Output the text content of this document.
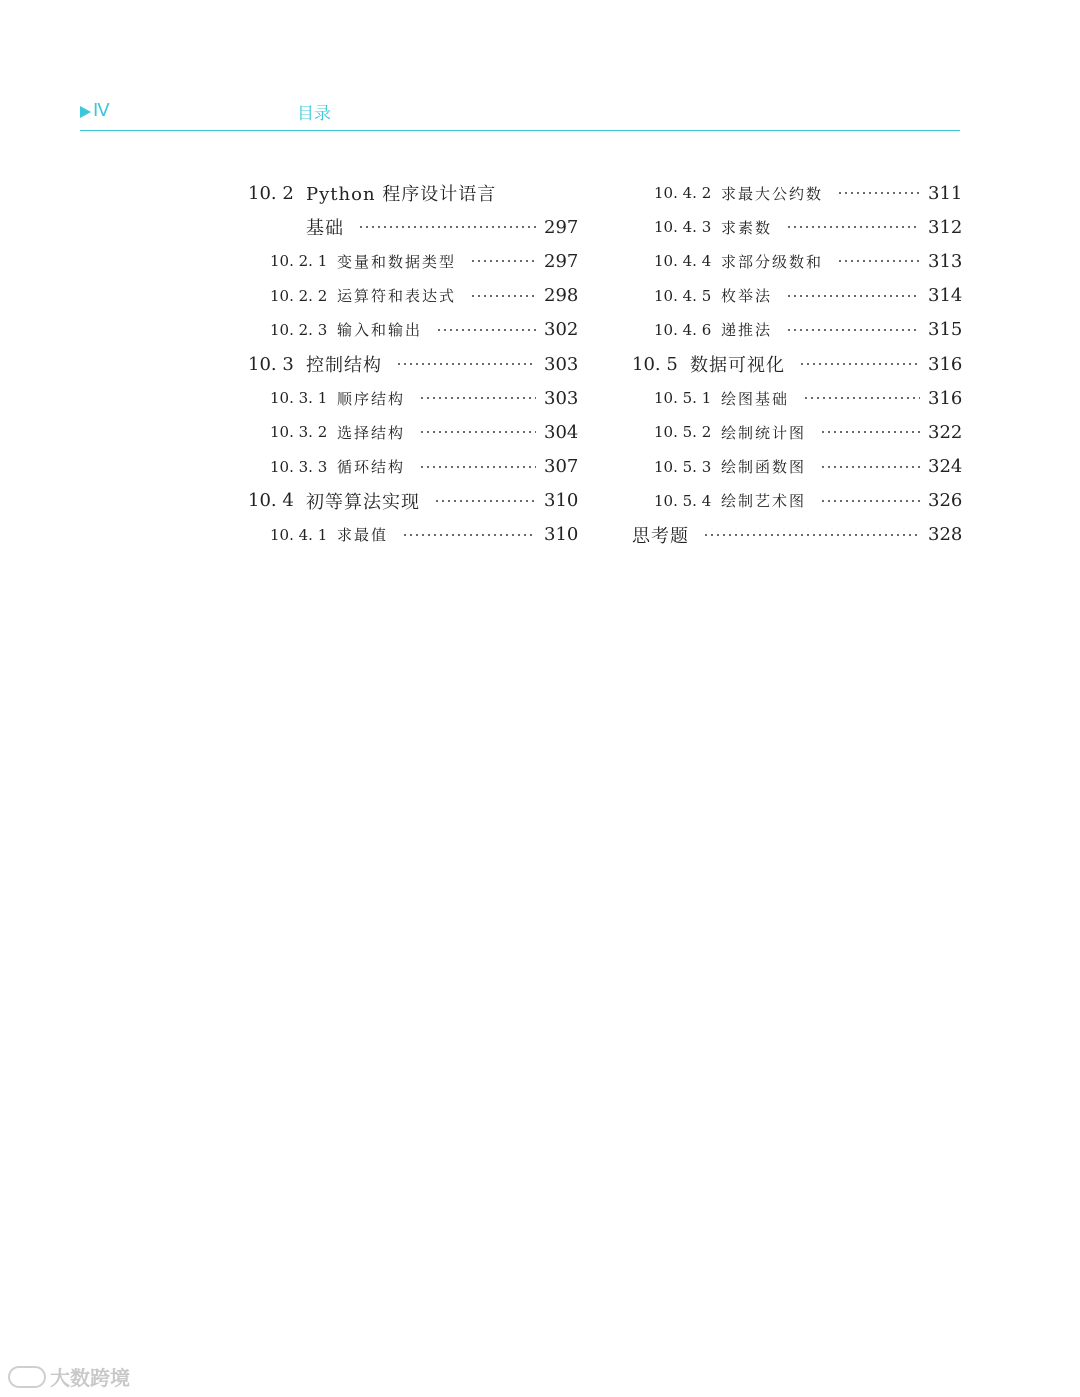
Ⅳ	目录
10. 2 Python 程序设计语言
基础	297
10. 2. 1 变量和数据类型	297
10. 2. 2 运算符和表达式	298
10. 2. 3 输入和输出	302
10. 3 控制结构	303
10. 3. 1 顺序结构	303
10. 3. 2 选择结构	304
10. 3. 3 循环结构	307
10. 4 初等算法实现	310
10. 4. 1 求最值	310
10. 4. 2 求最大公约数	311
10. 4. 3 求素数	312
10. 4. 4 求部分级数和	313
10. 4. 5 枚举法	314
10. 4. 6 递推法	315
10. 5 数据可视化	316
10. 5. 1 绘图基础	316
10. 5. 2 绘制统计图	322
10. 5. 3 绘制函数图	324
10. 5. 4 绘制艺术图	326
思考题	328
大数跨境
